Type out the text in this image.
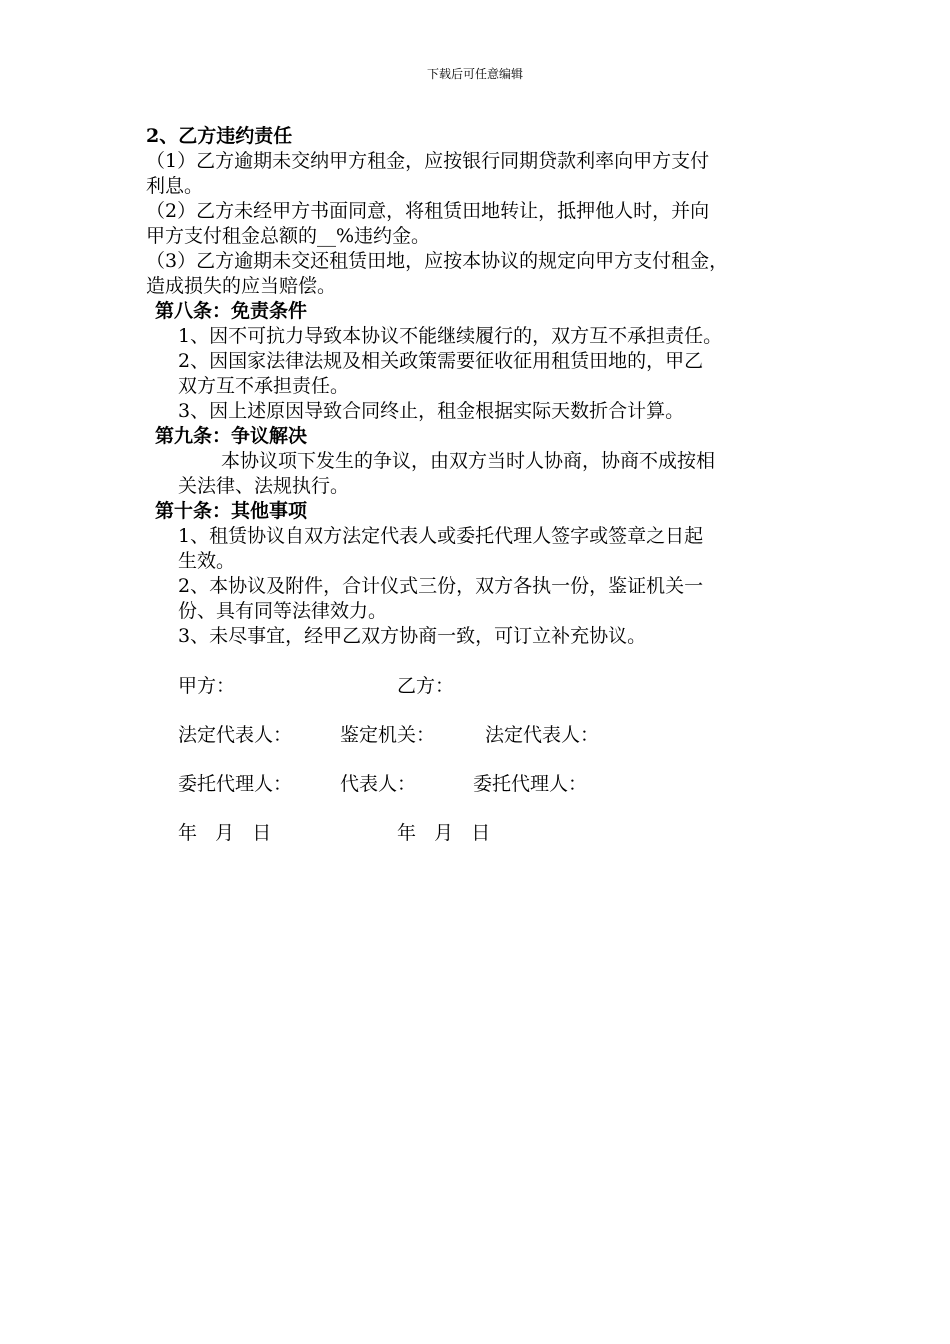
下载后可任意编辑
2、乙方违约责任
（1）乙方逾期未交纳甲方租金，应按银行同期贷款利率向甲方支付
利息。
（2）乙方未经甲方书面同意，将租赁田地转让，抵押他人时，并向
甲方支付租金总额的__%违约金。
（3）乙方逾期未交还租赁田地，应按本协议的规定向甲方支付租金，
造成损失的应当赔偿。
第八条：免责条件
1、因不可抗力导致本协议不能继续履行的，双方互不承担责任。
2、因国家法律法规及相关政策需要征收征用租赁田地的，甲乙
双方互不承担责任。
3、因上述原因导致合同终止，租金根据实际天数折合计算。
第九条：争议解决
本协议项下发生的争议，由双方当时人协商，协商不成按相
关法律、法规执行。
第十条：其他事项
1、租赁协议自双方法定代表人或委托代理人签字或签章之日起
生效。
2、本协议及附件，合计仪式三份，双方各执一份，鉴证机关一
份、具有同等法律效力。
3、未尽事宜，经甲乙双方协商一致，可订立补充协议。
甲方：	乙方：
法定代表人：	鉴定机关：	法定代表人：
委托代理人：	代表人：	委托代理人：
年   月   日	年   月   日
